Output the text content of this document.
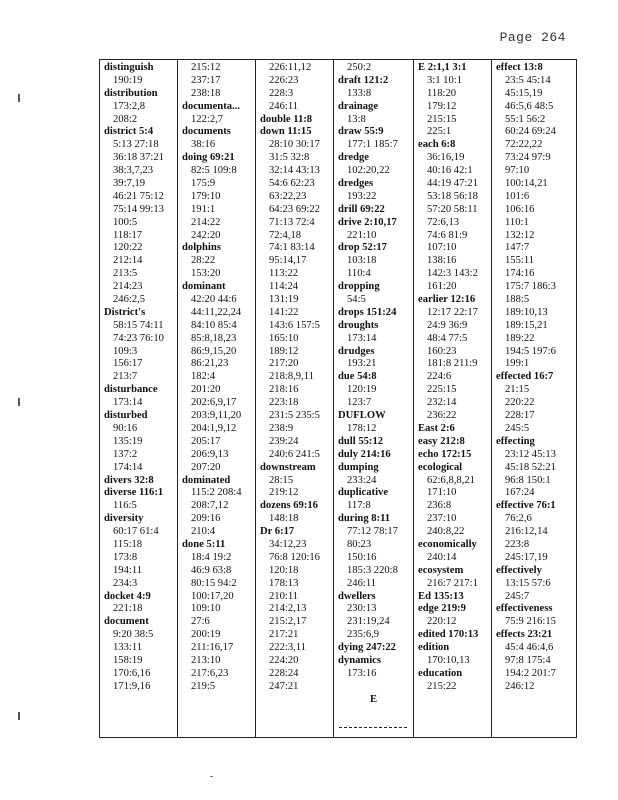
Page 264
distinguish
190:19
distribution
173:2,8
208:2
district 5:4
5:13 27:18
36:18 37:21
38:3,7,23
39:7,19
46:21 75:12
75:14 99:13
100:5
118:17
120:22
212:14
213:5
214:23
246:2,5
District's
58:15 74:11
74:23 76:10
109:3
156:17
213:7
disturbance
173:14
disturbed
90:16
135:19
137:2
174:14
divers 32:8
diverse 116:1
116:5
diversity
60:17 61:4
115:18
173:8
194:11
234:3
docket 4:9
221:18
document
9:20 38:5
133:11
158:19
170:6,16
171:9,16
215:12
237:17
238:18
documenta...
122:2,7
documents
38:16
doing 69:21
82:5 109:8
175:9
179:10
191:1
214:22
242:20
dolphins
28:22
153:20
dominant
42:20 44:6
44:11,22,24
84:10 85:4
85:8,18,23
86:9,15,20
86:21,23
182:4
201:20
202:6,9,17
203:9,11,20
204:1,9,12
205:17
206:9,13
207:20
dominated
115:2 208:4
208:7,12
209:16
210:4
done 5:11
18:4 19:2
46:9 63:8
80:15 94:2
100:17,20
109:10
27:6
200:19
211:16,17
213:10
217:6,23
219:5
226:11,12
226:23
228:3
246:11
double 11:8
down 11:15
28:10 30:17
31:5 32:8
32:14 43:13
54:6 62:23
63:22,23
64:23 69:22
71:13 72:4
72:4,18
74:1 83:14
95:14,17
113:22
114:24
131:19
141:22
143:6 157:5
165:10
189:12
217:20
218:8,9,11
218:16
223:18
231:5 235:5
238:9
239:24
240:6 241:5
downstream
28:15
219:12
dozens 69:16
148:18
Dr 6:17
34:12,23
76:8 120:16
120:18
178:13
210:11
214:2,13
215:2,17
217:21
222:3,11
224:20
228:24
247:21
250:2
draft 121:2
133:8
drainage
13:8
draw 55:9
177:1 185:7
dredge
102:20,22
dredges
193:22
drill 69:22
drive 2:10,17
221:10
drop 52:17
103:18
110:4
dropping
54:5
drops 151:24
droughts
173:14
drudges
193:21
due 54:8
120:19
123:7
DUFLOW
178:12
dull 55:12
duly 214:16
dumping
233:24
duplicative
117:8
during 8:11
77:12 78:17
80:23
150:16
185:3 220:8
246:11
dwellers
230:13
231:19,24
235:6,9
dying 247:22
dynamics
173:16
E
E 2:1,1 3:1
3:1 10:1
118:20
179:12
215:15
225:1
each 6:8
36:16,19
40:16 42:1
44:19 47:21
53:18 56:18
57:20 58:11
72:6,13
74:6 81:9
107:10
138:16
142:3 143:2
161:20
earlier 12:16
12:17 22:17
24:9 36:9
48:4 77:5
160:23
181:8 211:9
224:6
225:15
232:14
236:22
East 2:6
easy 212:8
echo 172:15
ecological
62:6,8,8,21
171:10
236:8
237:10
240:8,22
economically
240:14
ecosystem
216:7 217:1
Ed 135:13
edge 219:9
220:12
edited 170:13
edition
170:10,13
education
215:22
effect 13:8
23:5 45:14
45:15,19
46:5,6 48:5
55:1 56:2
60:24 69:24
72:22,22
73:24 97:9
97:10
100:14,21
101:6
106:16
110:1
132:12
147:7
155:11
174:16
175:7 186:3
188:5
189:10,13
189:15,21
189:22
194:5 197:6
199:1
effected 16:7
21:15
220:22
228:17
245:5
effecting
23:12 45:13
45:18 52:21
96:8 150:1
167:24
effective 76:1
76:2,6
216:12,14
223:8
245:17,19
effectively
13:15 57:6
245:7
effectiveness
75:9 216:15
effects 23:21
45:4 46:4,6
97:8 175:4
194:2 201:7
246:12
